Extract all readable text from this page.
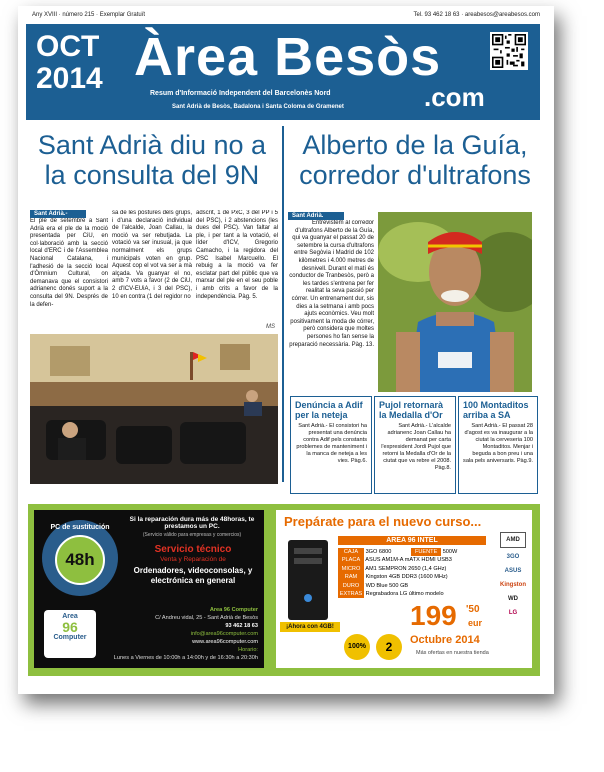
Any XVIII · número 215 · Exemplar Gratuït	Tel. 93 462 18 63 · areabesos@areabesos.com
OCT
2014 Àrea Besòs
.com
Resum d'Informació Independent del Barcelonès Nord
Sant Adrià de Besòs, Badalona i Santa Coloma de Gramenet
Sant Adrià diu no a
la consulta del 9N
Alberto de la Guía,
corredor d'ultrafons
Sant Adrià.-
El ple de setembre a Sant Adrià era el ple de la moció presentada per CiU, en col·laboració amb la secció local d'ERC i de l'Assemblea Nacional Catalana, i l'adhesió de la secció local d'Òmnium Cultural, on demanava que el consistori adrianenc donés suport a la consulta del 9N. Després de la defen-
sa de les postures dels grups, i d'una declaració individual de l'alcalde, Joan Callau, la moció va ser rebutjada. La votació va ser inusual, ja que normalment els grups municipals voten en grup. Aquest cop el vot va ser a mà alçada. Va guanyar el no, amb 7 vots a favor (2 de CiU, 2 d'ICV-EUiA, i 3 del PSC), 10 en contra (1 del regidor no
adscrit, 1 de PxC, 3 del PP i 5 del PSC), i 2 abstencions (les dues del PSC). Van faltar al ple, i per tant a la votació, el líder d'ICV, Gregorio Camacho, i la regidora del PSC Isabel Marcuello. El rebuig a la moció va fer esclatar part del públic que va marxar del ple en el seu poble i amb crits a favor de la independència. Pàg. 5.
MS
Sant Adrià.
Entrevistem al corredor d'ultrafons Alberto de la Guía, qui va guanyar el passat 20 de setembre la cursa d'ultrafons entre Segòvia i Madrid de 102 kilòmetres i 4.000 metres de desnivell. Durant el matí és conductor de Tranbesòs, però a les tardes s'entrena per fer realitat la seva passió per córrer. Un entrenament dur, sis dies a la setmana i amb pocs ajuts econòmics. Veu molt positivament la moda de córrer, però considera que moltes persones ho fan sense la preparació necessària. Pàg. 13.
Denúncia a Adif per la neteja
Sant Adrià.- El consistori ha presentat una denúncia contra Adif pels constants problemes de manteniment i la manca de neteja a les vies. Pàg.6.
Pujol retornarà la Medalla d'Or
Sant Adrià.- L'alcalde adrianenc Joan Callau ha demanat per carta l'expresident Jordi Pujol que retorni la Medalla d'Or de la ciutat que va rebre el 2008. Pàg.8.
100 Montaditos arriba a SA
Sant Adrià.- El passat 28 d'agost es va inaugurar a la ciutat la cerveseria 100 Montaditos. Menjar i beguda a bon preu i una sala pels aniversaris. Pàg.9.
PC de sustitución
48h
Si la reparación dura más de 48horas, te prestamos un PC.
(Servicio válido para empresas y comercios)
Servicio técnico
Venta y Reparación de
Ordenadores, videoconsolas, y electrónica en general
Area
96
Computer
Area 96 Computer
C/ Andreu vidal, 25 - Sant Adrià de Besòs
93 462 18 63
info@area96computer.com
www.area96computer.com
Horario:
Lunes a Viernes de 10:00h a 14:00h y de 16:30h a 20:30h
Prepárate para el nuevo curso...
¡Ahora con 4GB!
AREA 96 INTEL
CAJA 3GO 6800	FUENTE 500W
PLACA ASUS AM1M-A mATX HDMI USB3
MICRO AM1 SEMPRON 2650 (1,4 GHz)
RAM Kingston 4GB DDR3 (1600 MHz)
DURO WD Blue 500 GB
EXTRAS Regrabadora LG último modelo
199 '50
eur
100%	2	Octubre 2014
Más ofertas en nuestra tienda
AMD
3GO
ASUS
Kingston
WD
LG
